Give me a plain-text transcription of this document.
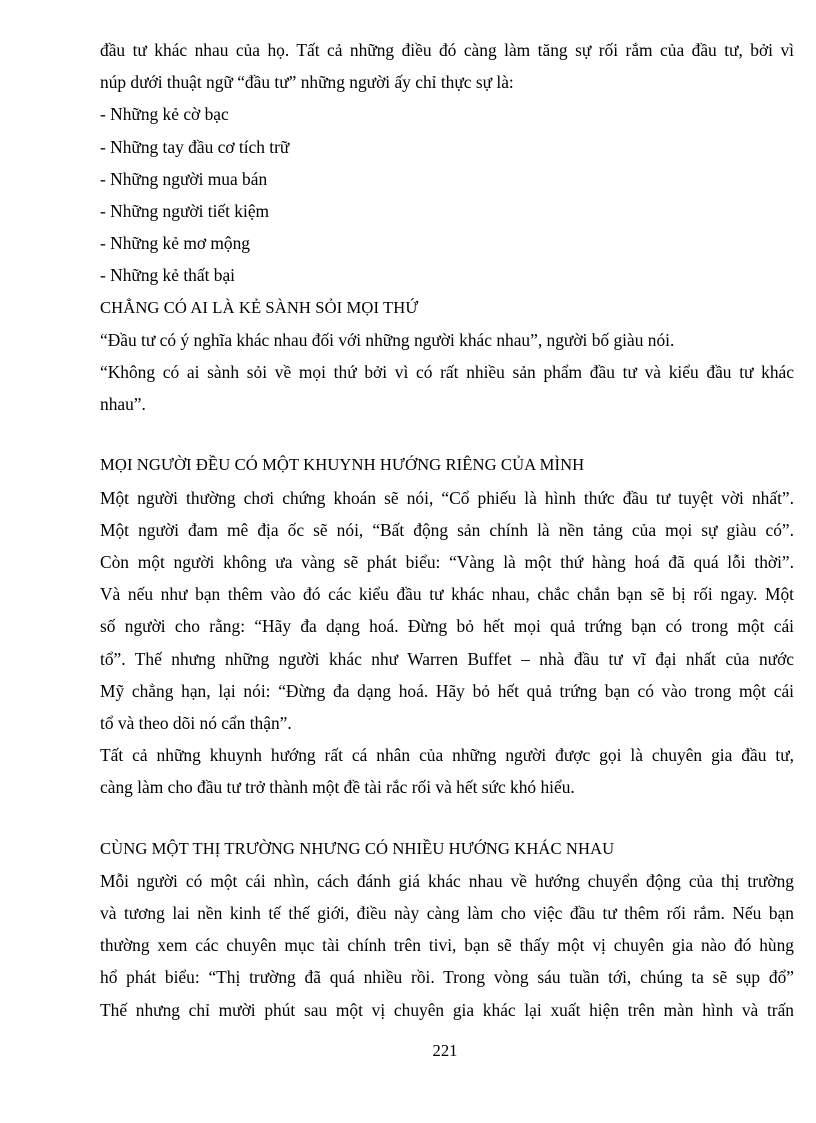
đầu tư khác nhau của họ. Tất cả những điều đó càng làm tăng sự rối rắm của đầu tư, bởi vì
núp dưới thuật ngữ “đầu tư” những người ấy chỉ thực sự là:
- Những kẻ cờ bạc
- Những tay đầu cơ tích trữ
- Những người mua bán
- Những người tiết kiệm
- Những kẻ mơ mộng
- Những kẻ thất bại
CHẲNG CÓ AI LÀ KẺ SÀNH SỎI MỌI THỨ
“Đầu tư có ý nghĩa khác nhau đối với những người khác nhau”, người bố giàu nói.
“Không có ai sành sỏi về mọi thứ bởi vì có rất nhiều sản phẩm đầu tư và kiểu đầu tư khác
nhau”.
MỌI NGƯỜI ĐỀU CÓ MỘT KHUYNH HƯỚNG RIÊNG CỦA MÌNH
Một người thường chơi chứng khoán sẽ nói, “Cổ phiếu là hình thức đầu tư tuyệt vời nhất”.
Một người đam mê địa ốc sẽ nói, “Bất động sản chính là nền tảng của mọi sự giàu có”.
Còn một người không ưa vàng sẽ phát biểu: “Vàng là một thứ hàng hoá đã quá lỗi thời”.
Và nếu như bạn thêm vào đó các kiểu đầu tư khác nhau, chắc chắn bạn sẽ bị rối ngay. Một
số người cho rằng: “Hãy đa dạng hoá. Đừng bỏ hết mọi quả trứng bạn có trong một cái
tổ”. Thế nhưng những người khác như Warren Buffet – nhà đầu tư vĩ đại nhất của nước
Mỹ chẳng hạn, lại nói: “Đừng đa dạng hoá. Hãy bỏ hết quả trứng bạn có vào trong một cái
tổ và theo dõi nó cẩn thận”.
Tất cả những khuynh hướng rất cá nhân của những người được gọi là chuyên gia đầu tư,
càng làm cho đầu tư trở thành một đề tài rắc rối và hết sức khó hiểu.
CÙNG MỘT THỊ TRƯỜNG NHƯNG CÓ NHIỀU HƯỚNG KHÁC NHAU
Mỗi người có một cái nhìn, cách đánh giá khác nhau về hướng chuyển động của thị trường
và tương lai nền kinh tế thế giới, điều này càng làm cho việc đầu tư thêm rối rắm. Nếu bạn
thường xem các chuyên mục tài chính trên tivi, bạn sẽ thấy một vị chuyên gia nào đó hùng
hổ phát biểu: “Thị trường đã quá nhiều rồi. Trong vòng sáu tuần tới, chúng ta sẽ sụp đổ”
Thế nhưng chỉ mười phút sau một vị chuyên gia khác lại xuất hiện trên màn hình và trấn
221
